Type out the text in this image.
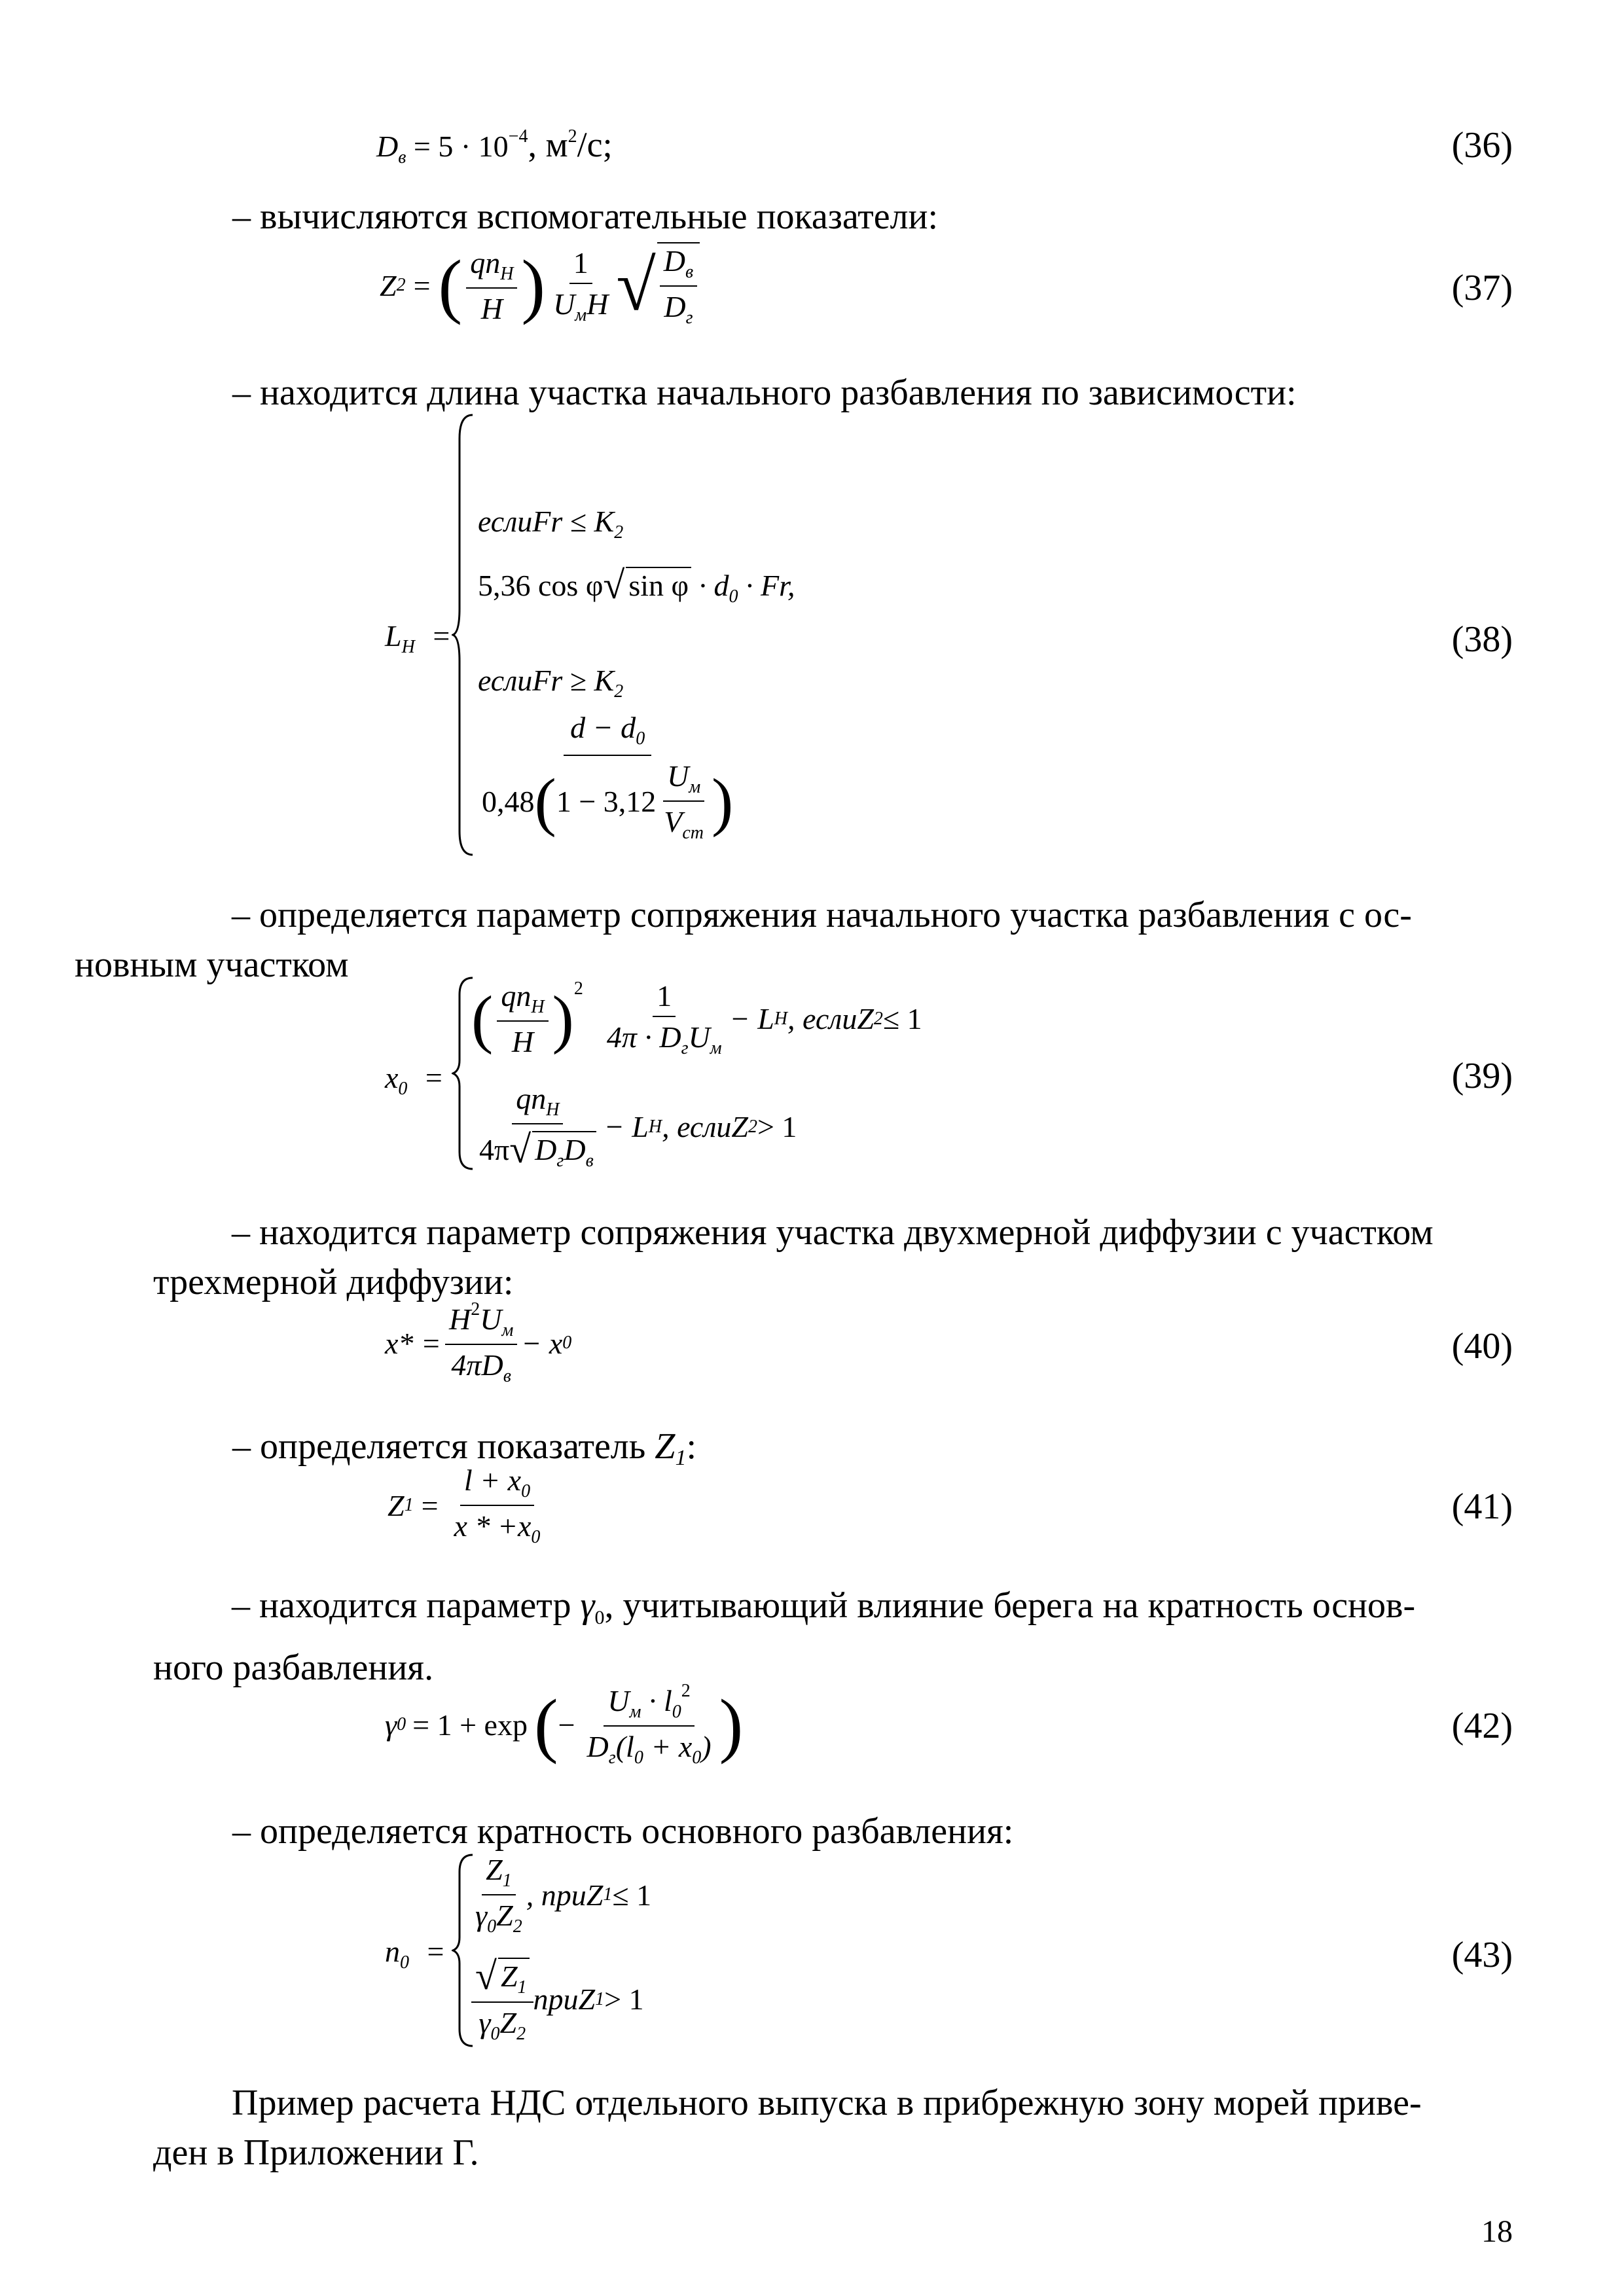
$D_в = 5 \cdot 10^{-4}$, $м^2/с$;	(36)
– вычисляются вспомогательные показатели:
Z 2 = ( $\frac{qn_Н}{H}$ ) $\frac{1}{U_мH}$ √ $\frac{D_в}{D_г}$	(37)
– находится длина участка начального разбавления по зависимости:
$L_Н$ =
еслиFr ≤ $K_2$
5,36 cos φ√ $\sin \varphi \cdot d_0 \cdot Fr$,
еслиFr ≥ $K_2$
$\frac{d - d_0}{0,48 ( 1 - 3,12 \frac{U_м}{V_{ст}} )}$
(38)
– определяется параметр сопряжения начального участка разбавления с ос-
новным участком
$x_0$ =
( $\frac{qn_Н}{H}$ ) $2 \frac{1}{4\pi \cdot D_гU_м} - L$ Н , еслиZ 2 ≤ 1
$\frac{qn_Н}{4\pi√ D_гD_в} - L$ Н , еслиZ 2 > 1
(39)
– находится параметр сопряжения участка двухмерной диффузии с участком
трехмерной диффузии:
$x* = \frac{H^2U_м}{4\pi D_в} - x$ 0	(40)
– определяется показатель Z1:
Z $1 = \frac{l + x_0}{x * +x_0}$	(41)
– находится параметр γ0, учитывающий влияние берега на кратность основ-
ного разбавления.
γ 0 = 1 + exp ( − $\frac{U_м \cdot l_0^2}{D_г(l_0 + x_0)}$ )	(42)
– определяется кратность основного разбавления:
$n_0$ =
$\frac{Z_1}{\gamma_0Z_2}$ , приZ 1 ≤ 1
$\frac{√ Z_1}{\gamma_0Z_2}$ приZ 1 > 1
(43)
Пример расчета НДС отдельного выпуска в прибрежную зону морей приве-
ден в Приложении Г.
18
